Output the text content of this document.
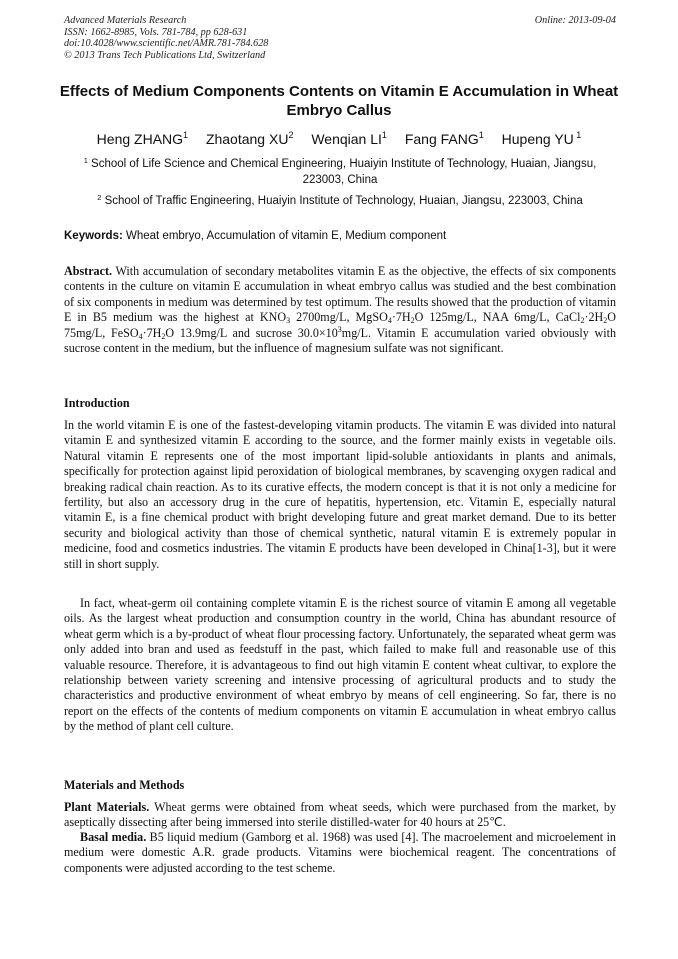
Advanced Materials Research
ISSN: 1662-8985, Vols. 781-784, pp 628-631
doi:10.4028/www.scientific.net/AMR.781-784.628
© 2013 Trans Tech Publications Ltd, Switzerland
Online: 2013-09-04
Effects of Medium Components Contents on Vitamin E Accumulation in Wheat Embryo Callus
Heng ZHANG$^1$ Zhaotang $XU^2$ Wenqian $LI^1$ Fang FANG$^1$ Hupeng YU $^1$
$^1$ School of Life Science and Chemical Engineering, Huaiyin Institute of Technology, Huaian, Jiangsu, 223003, China
$^2$ School of Traffic Engineering, Huaiyin Institute of Technology, Huaian, Jiangsu, 223003, China
Keywords: Wheat embryo, Accumulation of vitamin E, Medium component
Abstract. With accumulation of secondary metabolites vitamin E as the objective, the effects of six components contents in the culture on vitamin E accumulation in wheat embryo callus was studied and the best combination of six components in medium was determined by test optimum. The results showed that the production of vitamin E in B5 medium was the highest at $KNO_3$ 2700mg/L, $MgSO_4\cdot 7H_2O$ 125mg/L, NAA 6mg/L, $CaCl_2\cdot 2H_2O$ 75mg/L, $FeSO_4\cdot 7H_2O$ 13.9mg/L and sucrose $30.0\times 10^3mg/L$. Vitamin E accumulation varied obviously with sucrose content in the medium, but the influence of magnesium sulfate was not significant.
Introduction
In the world vitamin E is one of the fastest-developing vitamin products. The vitamin E was divided into natural vitamin E and synthesized vitamin E according to the source, and the former mainly exists in vegetable oils. Natural vitamin E represents one of the most important lipid-soluble antioxidants in plants and animals, specifically for protection against lipid peroxidation of biological membranes, by scavenging oxygen radical and breaking radical chain reaction. As to its curative effects, the modern concept is that it is not only a medicine for fertility, but also an accessory drug in the cure of hepatitis, hypertension, etc. Vitamin E, especially natural vitamin E, is a fine chemical product with bright developing future and great market demand. Due to its better security and biological activity than those of chemical synthetic, natural vitamin E is extremely popular in medicine, food and cosmetics industries. The vitamin E products have been developed in China[1-3], but it were still in short supply.
In fact, wheat-germ oil containing complete vitamin E is the richest source of vitamin E among all vegetable oils. As the largest wheat production and consumption country in the world, China has abundant resource of wheat germ which is a by-product of wheat flour processing factory. Unfortunately, the separated wheat germ was only added into bran and used as feedstuff in the past, which failed to make full and reasonable use of this valuable resource. Therefore, it is advantageous to find out high vitamin E content wheat cultivar, to explore the relationship between variety screening and intensive processing of agricultural products and to study the characteristics and productive environment of wheat embryo by means of cell engineering. So far, there is no report on the effects of the contents of medium components on vitamin E accumulation in wheat embryo callus by the method of plant cell culture.
Materials and Methods
Plant Materials. Wheat germs were obtained from wheat seeds, which were purchased from the market, by aseptically dissecting after being immersed into sterile distilled-water for 40 hours at 25℃.
Basal media. B5 liquid medium (Gamborg et al. 1968) was used [4]. The macroelement and microelement in medium were domestic A.R. grade products. Vitamins were biochemical reagent. The concentrations of components were adjusted according to the test scheme.
